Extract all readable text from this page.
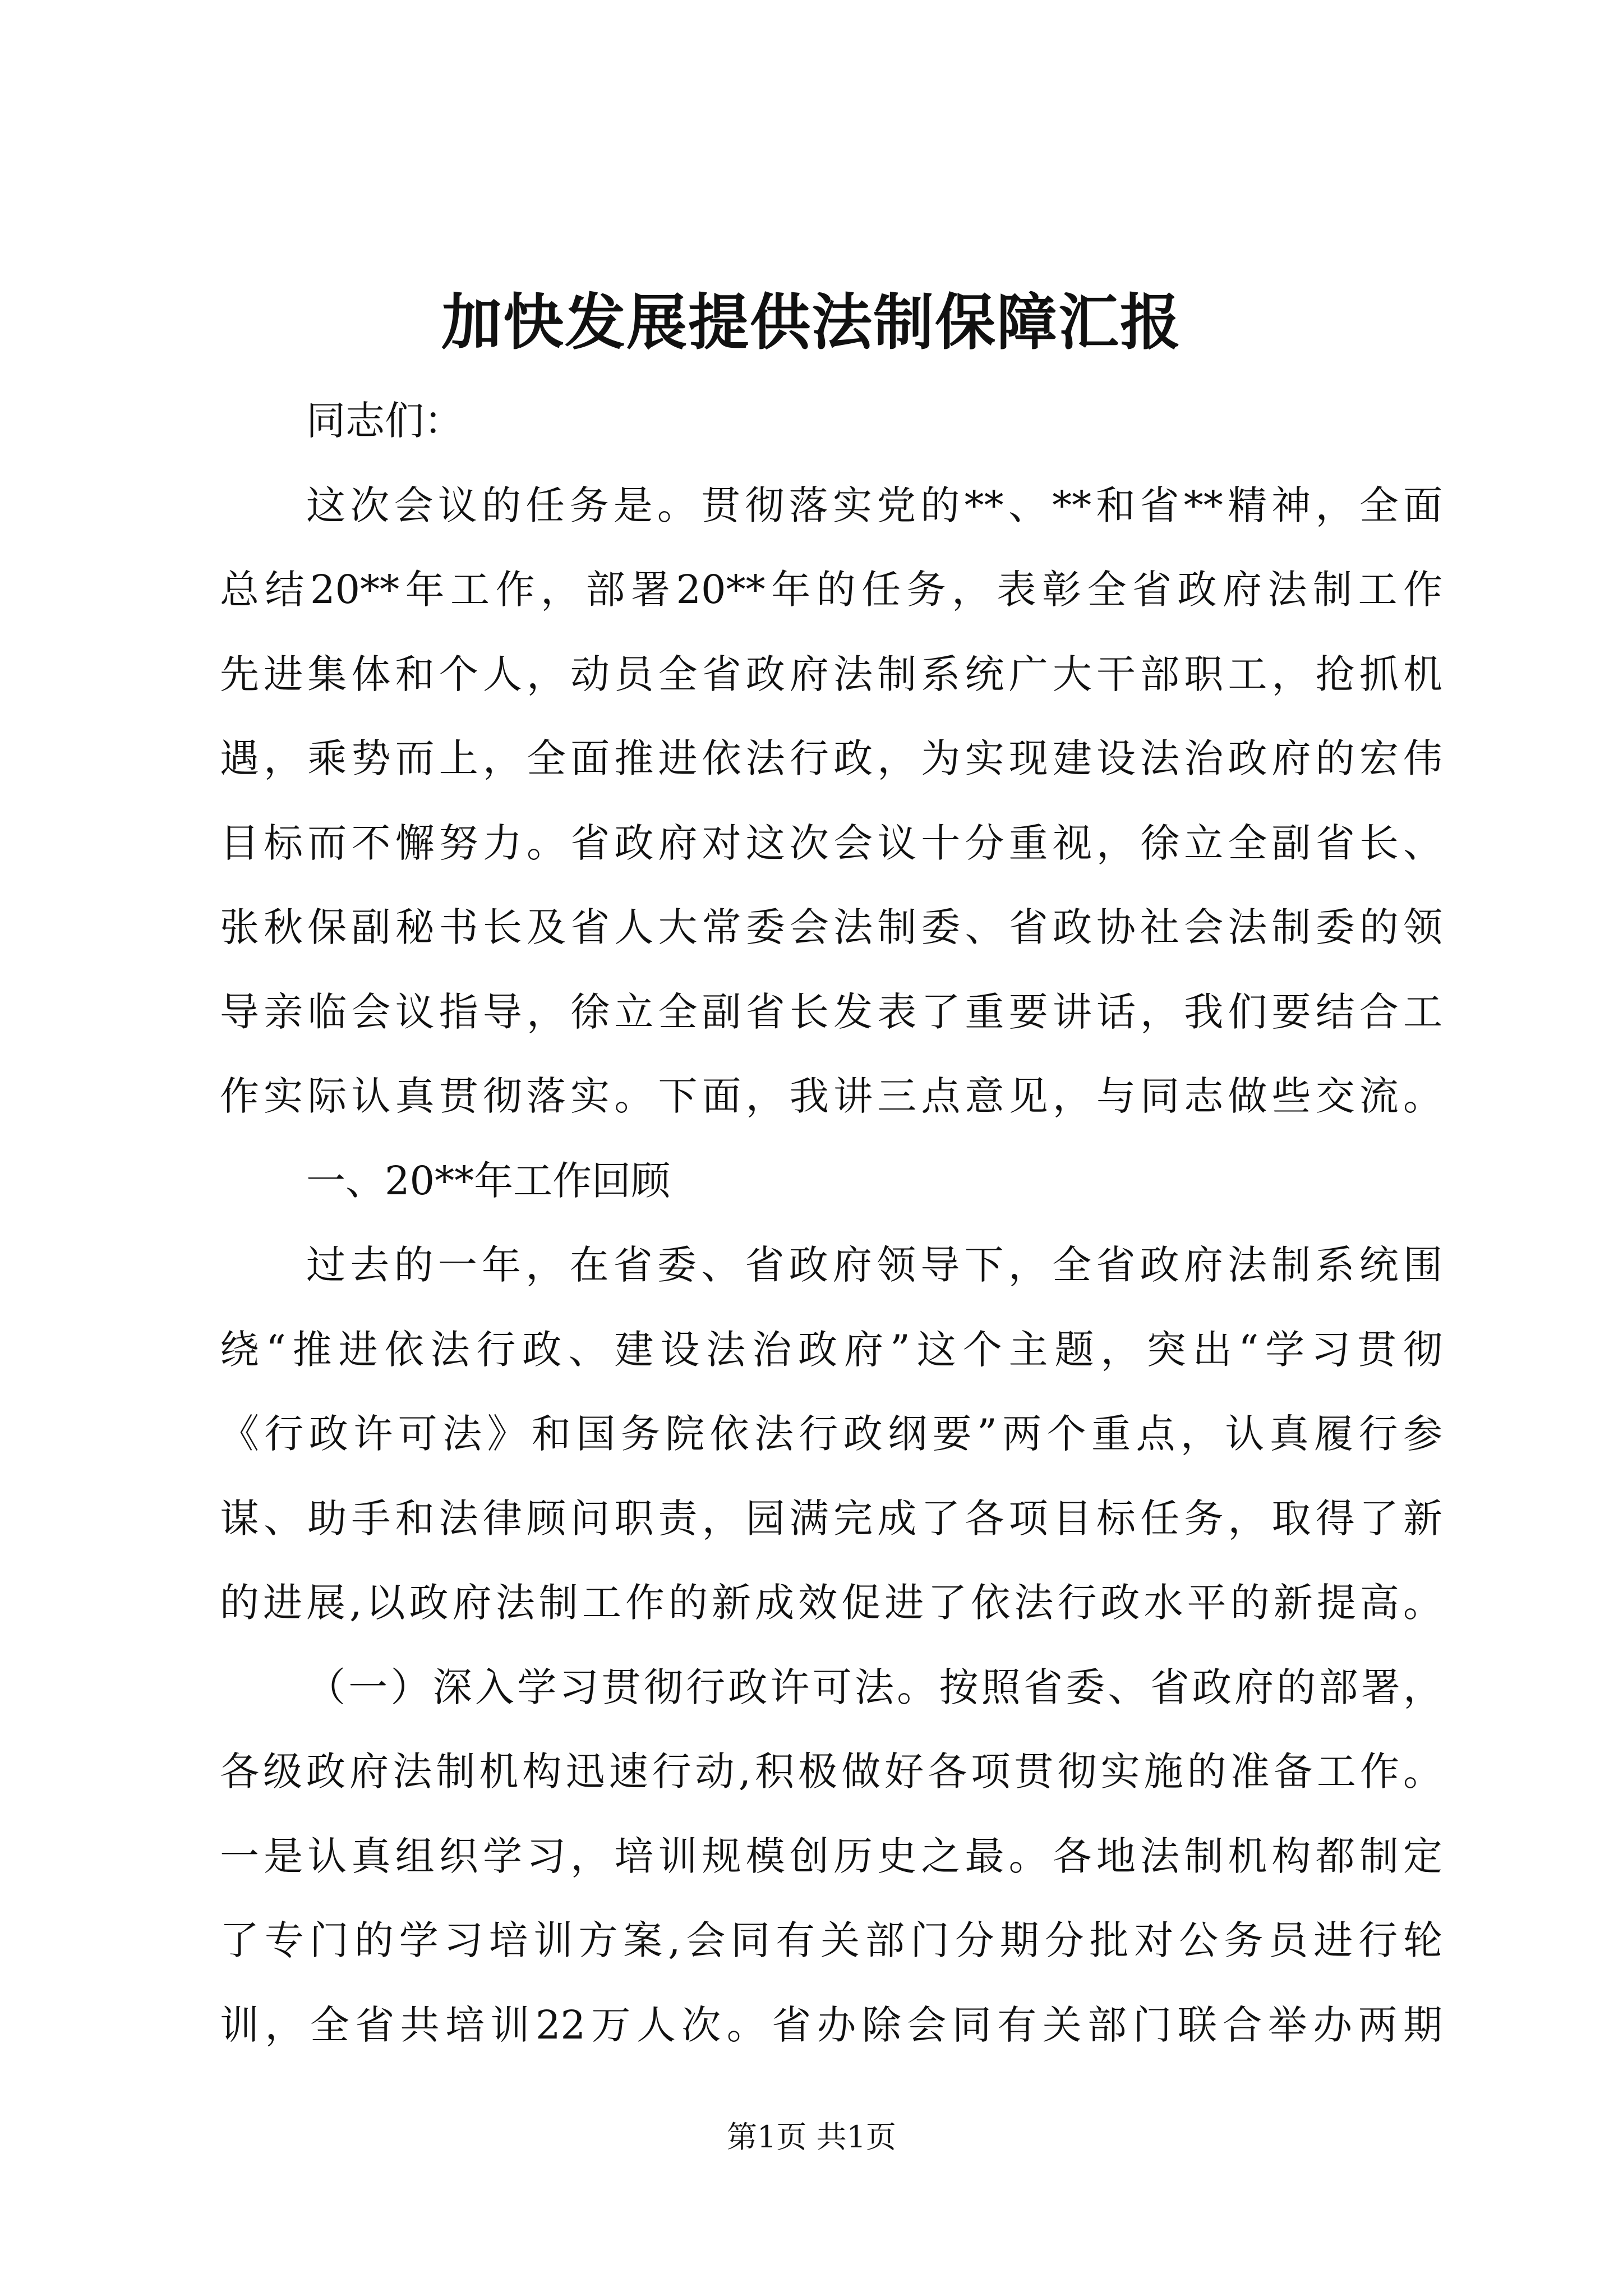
加快发展提供法制保障汇报

同志们：

这次会议的任务是。贯彻落实党的**、**和省**精神，全面

总结20**年工作，部署20**年的任务，表彰全省政府法制工作

先进集体和个人，动员全省政府法制系统广大干部职工，抢抓机

遇，乘势而上，全面推进依法行政，为实现建设法治政府的宏伟

目标而不懈努力。省政府对这次会议十分重视，徐立全副省长、

张秋保副秘书长及省人大常委会法制委、省政协社会法制委的领

导亲临会议指导，徐立全副省长发表了重要讲话，我们要结合工

作实际认真贯彻落实。下面，我讲三点意见，与同志做些交流。

一、20**年工作回顾

过去的一年，在省委、省政府领导下，全省政府法制系统围

绕“推进依法行政、建设法治政府”这个主题，突出“学习贯彻

《行政许可法》和国务院依法行政纲要”两个重点，认真履行参

谋、助手和法律顾问职责，园满完成了各项目标任务，取得了新

的进展,以政府法制工作的新成效促进了依法行政水平的新提高。

（一）深入学习贯彻行政许可法。按照省委、省政府的部署，

各级政府法制机构迅速行动,积极做好各项贯彻实施的准备工作。

一是认真组织学习，培训规模创历史之最。各地法制机构都制定

了专门的学习培训方案,会同有关部门分期分批对公务员进行轮

第1页 共1页

训，全省共培训22万人次。省办除会同有关部门联合举办两期
